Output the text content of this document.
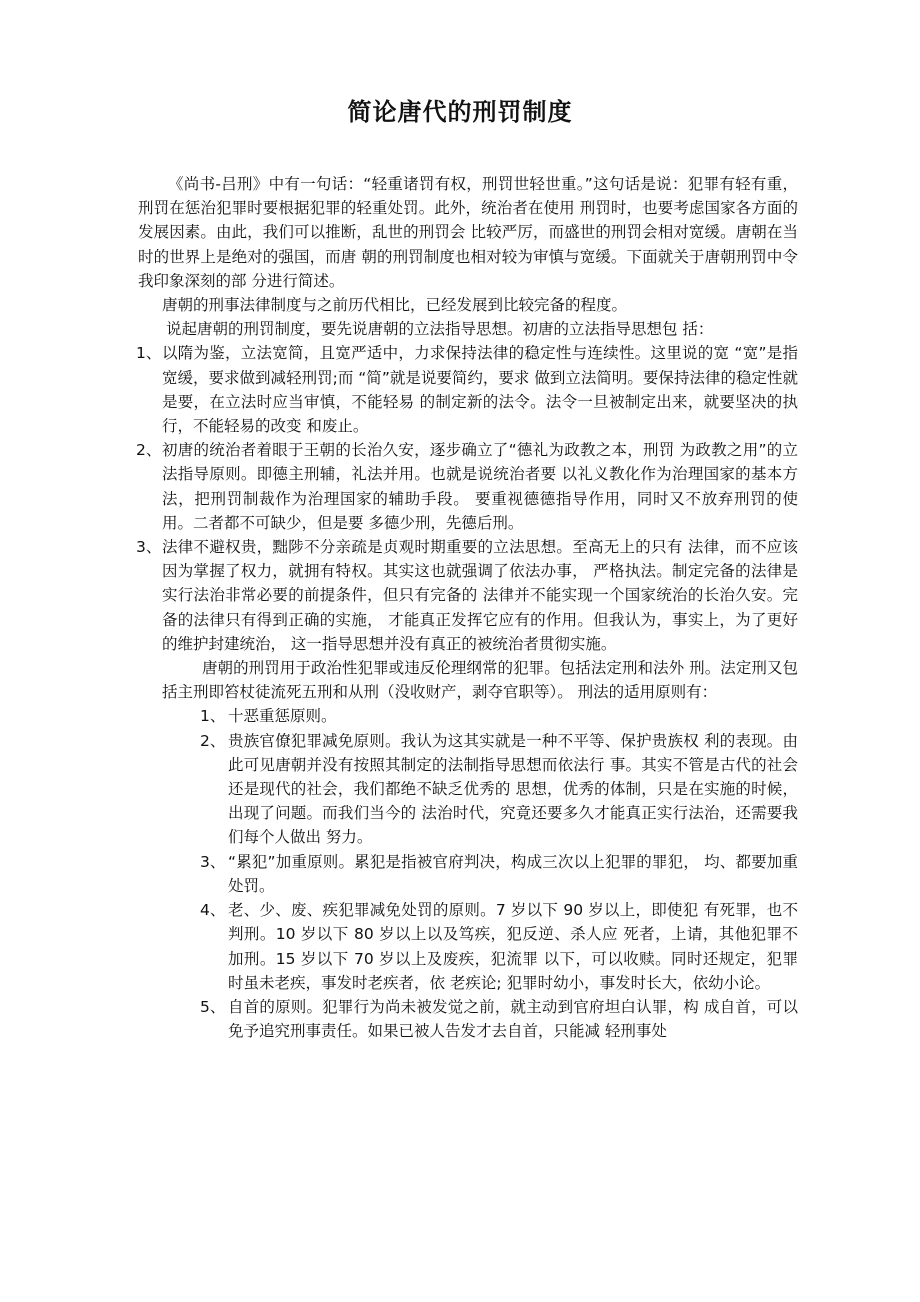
简论唐代的刑罚制度

《尚书-吕刑》中有一句话：“轻重诸罚有权，刑罚世轻世重。”这句话是说：犯罪有轻有重，刑罚在惩治犯罪时要根据犯罪的轻重处罚。此外，统治者在使用 刑罚时，也要考虑国家各方面的发展因素。由此，我们可以推断，乱世的刑罚会 比较严厉，而盛世的刑罚会相对宽缓。唐朝在当时的世界上是绝对的强国，而唐 朝的刑罚制度也相对较为审慎与宽缓。下面就关于唐朝刑罚中令我印象深刻的部 分进行简述。

唐朝的刑事法律制度与之前历代相比，已经发展到比较完备的程度。

说起唐朝的刑罚制度，要先说唐朝的立法指导思想。初唐的立法指导思想包 括：

1、 以隋为鉴，立法宽简，且宽严适中，力求保持法律的稳定性与连续性。这里说的宽 “宽”是指宽缓，要求做到减轻刑罚;而 “简”就是说要简约，要求 做到立法简明。要保持法律的稳定性就是要，在立法时应当审慎，不能轻易 的制定新的法令。法令一旦被制定出来，就要坚决的执行，不能轻易的改变 和废止。
2、 初唐的统治者着眼于王朝的长治久安，逐步确立了“德礼为政教之本，刑罚 为政教之用”的立法指导原则。即德主刑辅，礼法并用。也就是说统治者要 以礼义教化作为治理国家的基本方法，把刑罚制裁作为治理国家的辅助手段。 要重视德德指导作用，同时又不放弃刑罚的使用。二者都不可缺少，但是要 多德少刑，先德后刑。
3、 法律不避权贵，黜陟不分亲疏是贞观时期重要的立法思想。至高无上的只有 法律，而不应该因为掌握了权力，就拥有特权。其实这也就强调了依法办事， 严格执法。制定完备的法律是实行法治非常必要的前提条件，但只有完备的 法律并不能实现一个国家统治的长治久安。完备的法律只有得到正确的实施， 才能真正发挥它应有的作用。但我认为，事实上，为了更好的维护封建统治， 这一指导思想并没有真正的被统治者贯彻实施。

唐朝的刑罚用于政治性犯罪或违反伦理纲常的犯罪。包括法定刑和法外 刑。法定刑又包括主刑即笞杖徒流死五刑和从刑（没收财产，剥夺官职等）。 刑法的适用原则有：

1、 十恶重惩原则。
2、 贵族官僚犯罪减免原则。我认为这其实就是一种不平等、保护贵族权 利的表现。由此可见唐朝并没有按照其制定的法制指导思想而依法行 事。其实不管是古代的社会还是现代的社会，我们都绝不缺乏优秀的 思想，优秀的体制，只是在实施的时候，出现了问题。而我们当今的 法治时代，究竟还要多久才能真正实行法治，还需要我们每个人做出 努力。
3、 “累犯”加重原则。累犯是指被官府判决，构成三次以上犯罪的罪犯， 均、都要加重处罚。
4、 老、少、废、疾犯罪减免处罚的原则。7 岁以下 90 岁以上，即使犯 有死罪，也不判刑。10 岁以下 80 岁以上以及笃疾，犯反逆、杀人应 死者，上请，其他犯罪不加刑。15 岁以下 70 岁以上及废疾，犯流罪 以下，可以收赎。同时还规定，犯罪时虽未老疾，事发时老疾者，依 老疾论; 犯罪时幼小，事发时长大，依幼小论。
5、 自首的原则。犯罪行为尚未被发觉之前，就主动到官府坦白认罪，构 成自首，可以免予追究刑事责任。如果已被人告发才去自首，只能减 轻刑事处
